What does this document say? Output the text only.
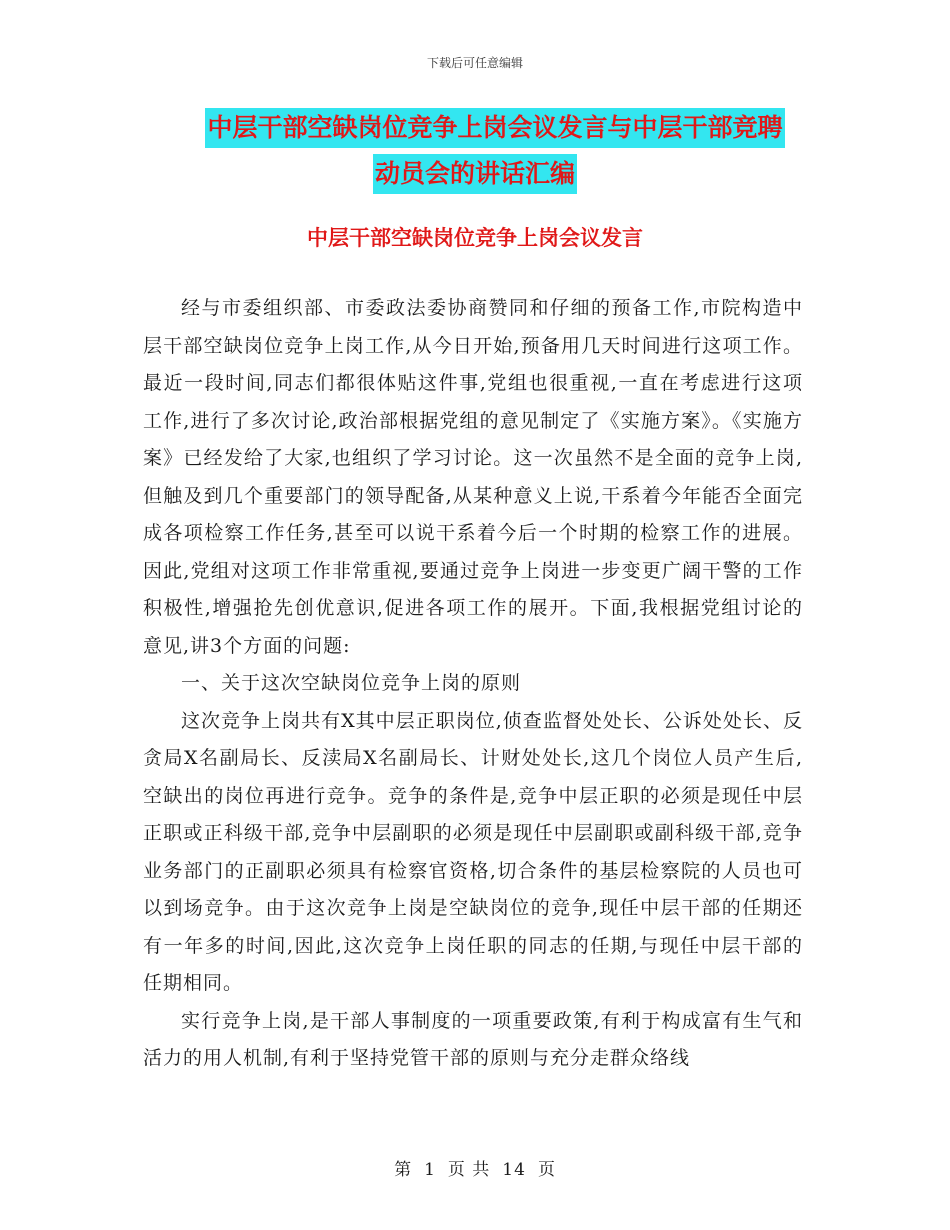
下载后可任意编辑
中层干部空缺岗位竞争上岗会议发言与中层干部竞聘
动员会的讲话汇编
中层干部空缺岗位竞争上岗会议发言

经与市委组织部、市委政法委协商赞同和仔细的预备工作,市院构造中层干部空缺岗位竞争上岗工作,从今日开始,预备用几天时间进行这项工作。最近一段时间,同志们都很体贴这件事,党组也很重视,一直在考虑进行这项工作,进行了多次讨论,政治部根据党组的意见制定了《实施方案》。《实施方案》已经发给了大家,也组织了学习讨论。这一次虽然不是全面的竞争上岗,但触及到几个重要部门的领导配备,从某种意义上说,干系着今年能否全面完成各项检察工作任务,甚至可以说干系着今后一个时期的检察工作的进展。因此,党组对这项工作非常重视,要通过竞争上岗进一步变更广阔干警的工作积极性,增强抢先创优意识,促进各项工作的展开。下面,我根据党组讨论的意见,讲3个方面的问题:

一、关于这次空缺岗位竞争上岗的原则

这次竞争上岗共有X其中层正职岗位,侦查监督处处长、公诉处处长、反贪局X名副局长、反渎局X名副局长、计财处处长,这几个岗位人员产生后,空缺出的岗位再进行竞争。竞争的条件是,竞争中层正职的必须是现任中层正职或正科级干部,竞争中层副职的必须是现任中层副职或副科级干部,竞争业务部门的正副职必须具有检察官资格,切合条件的基层检察院的人员也可以到场竞争。由于这次竞争上岗是空缺岗位的竞争,现任中层干部的任期还有一年多的时间,因此,这次竞争上岗任职的同志的任期,与现任中层干部的任期相同。

实行竞争上岗,是干部人事制度的一项重要政策,有利于构成富有生气和活力的用人机制,有利于坚持党管干部的原则与充分走群众络线

第 1 页 共 14 页
